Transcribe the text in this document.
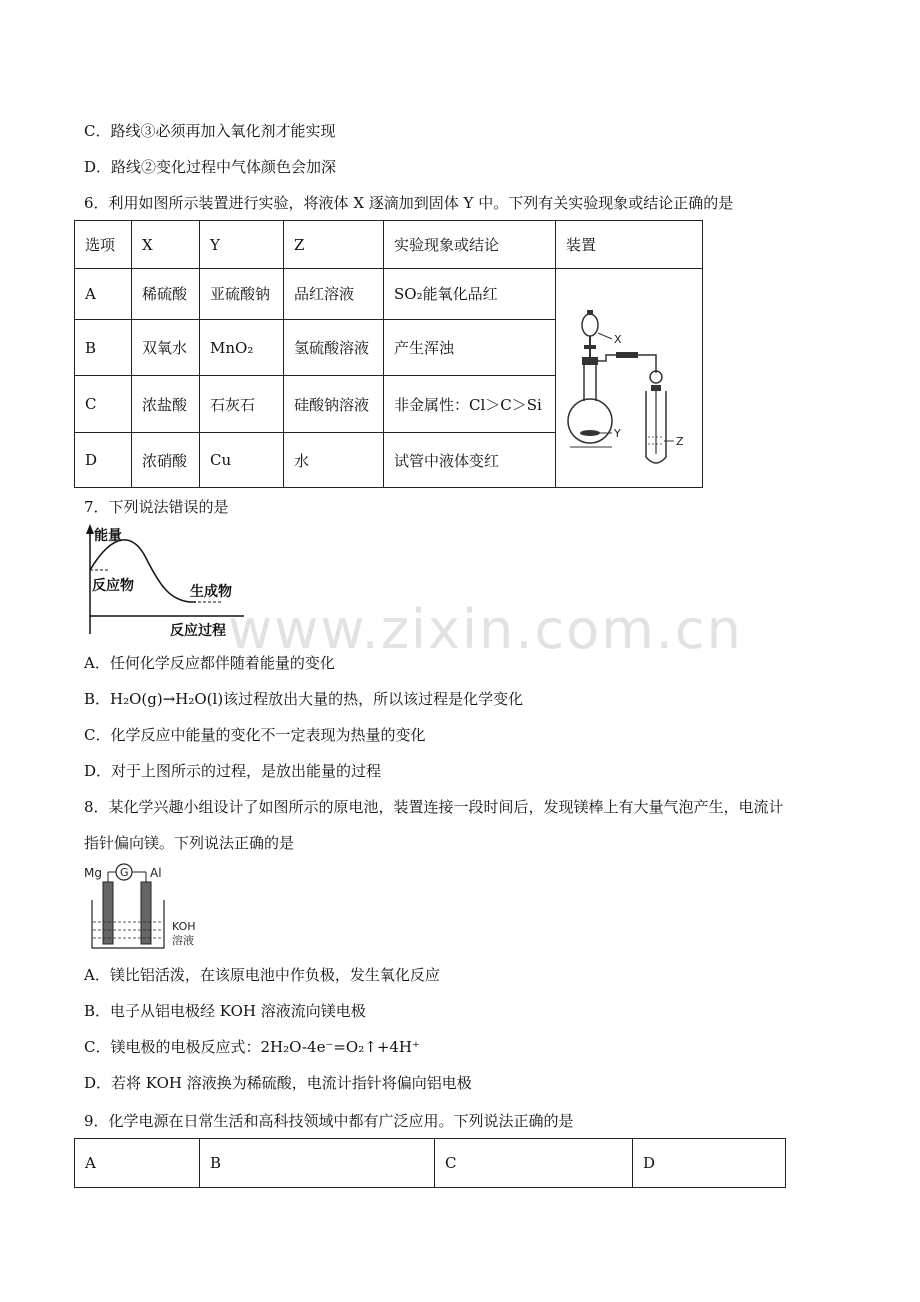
www.zixin.com.cn
C．路线③必须再加入氧化剂才能实现
D．路线②变化过程中气体颜色会加深
6．利用如图所示装置进行实验，将液体 X 逐滴加到固体 Y 中。下列有关实验现象或结论正确的是
选项	X	Y	Z	实验现象或结论	装置
A	稀硫酸	亚硫酸钠	品红溶液	SO₂能氧化品红	X
Y
Z

B	双氧水	MnO₂	氢硫酸溶液	产生浑浊	
C	浓盐酸	石灰石	硅酸钠溶液	非金属性：Cl＞C＞Si	
D	浓硝酸	Cu	水	试管中液体变红	
7．下列说法错误的是
能量
反应物	生成物
反应过程
A．任何化学反应都伴随着能量的变化
B．H₂O(g)→H₂O(l)该过程放出大量的热，所以该过程是化学变化
C．化学反应中能量的变化不一定表现为热量的变化
D．对于上图所示的过程，是放出能量的过程
8．某化学兴趣小组设计了如图所示的原电池，装置连接一段时间后，发现镁棒上有大量气泡产生，电流计
指针偏向镁。下列说法正确的是
Mg G Al
KOH
溶液
A．镁比铝活泼，在该原电池中作负极，发生氧化反应
B．电子从铝电极经 KOH 溶液流向镁电极
C．镁电极的电极反应式：2H₂O-4e⁻=O₂↑+4H⁺
D．若将 KOH 溶液换为稀硫酸，电流计指针将偏向铝电极
9．化学电源在日常生活和高科技领域中都有广泛应用。下列说法正确的是
A	B	C	D
